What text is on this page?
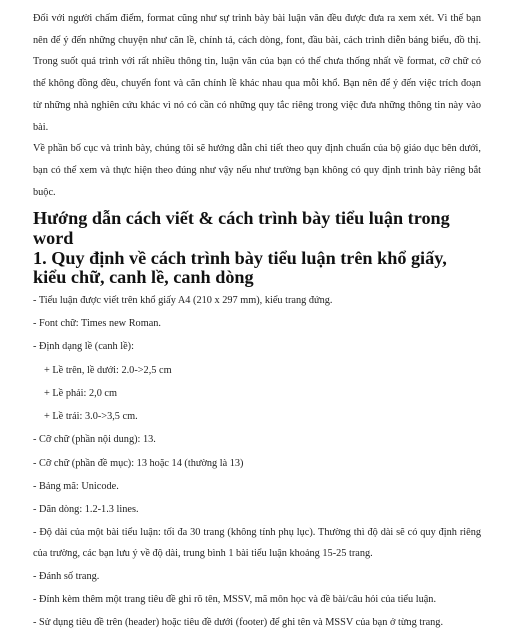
Đối với người chấm điểm, format cũng như sự trình bày bài luận văn đều được đưa ra xem xét. Vì thế bạn nên để ý đến những chuyện như căn lề, chính tả, cách dòng, font, đầu bài, cách trình diễn bảng biểu, đồ thị. Trong suốt quá trình với rất nhiều thông tin, luận văn của bạn có thể chưa thống nhất về format, cỡ chữ có thể không đồng đều, chuyển font và căn chỉnh lề khác nhau qua mỗi khổ. Bạn nên để ý đến việc trích đoạn từ những nhà nghiên cứu khác vì nó có cần có những quy tắc riêng trong việc đưa những thông tin này vào bài.

Về phần bố cục và trình bày, chúng tôi sẽ hướng dẫn chi tiết theo quy định chuẩn của bộ giáo dục bên dưới, bạn có thể xem và thực hiện theo đúng như vậy nếu như trường bạn không có quy định trình bày riêng bắt buộc.

Hướng dẫn cách viết & cách trình bày tiểu luận trong word
1. Quy định về cách trình bày tiểu luận trên khổ giấy, kiểu chữ, canh lề, canh dòng
- Tiểu luận được viết trên khổ giấy A4 (210 x 297 mm), kiểu trang đứng.
- Font chữ: Times new Roman.
- Định dạng lề (canh lề):
+ Lề trên, lề dưới: 2.0->2,5 cm
+ Lề phải: 2,0 cm
+ Lề trái: 3.0->3,5 cm.
- Cỡ chữ (phần nội dung): 13.
- Cỡ chữ (phần đề mục): 13 hoặc 14 (thường là 13)
- Bảng mã: Unicode.
- Dãn dòng: 1.2-1.3 lines.
- Độ dài của một bài tiểu luận: tối đa 30 trang (không tính phụ lục). Thường thì độ dài sẽ có quy định riêng của trường, các bạn lưu ý về độ dài, trung bình 1 bài tiểu luận khoảng 15-25 trang.
- Đánh số trang.
- Đính kèm thêm một trang tiêu đề ghi rõ tên, MSSV, mã môn học và đề bài/câu hỏi của tiểu luận.
- Sử dụng tiêu đề trên (header) hoặc tiêu đề dưới (footer) để ghi tên và MSSV của bạn ở từng trang.
